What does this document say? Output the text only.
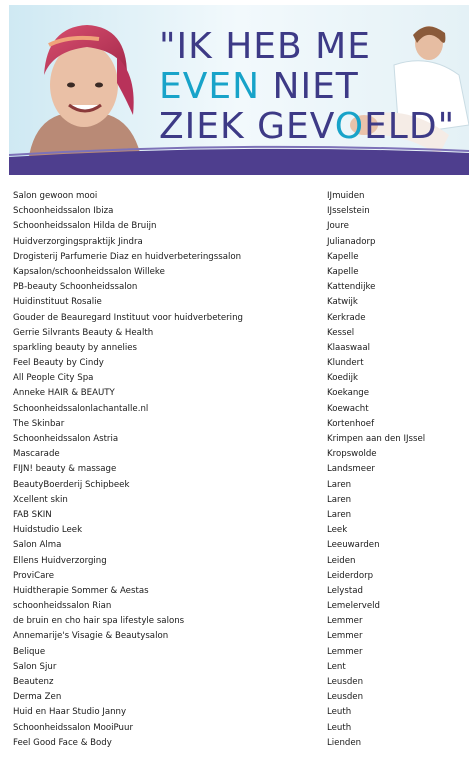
"IK HEB ME
EVEN NIET
ZIEK GEVOELD"
Salon gewoon mooi	IJmuiden
Schoonheidssalon Ibiza	IJsselstein
Schoonheidssalon Hilda de Bruijn	Joure
Huidverzorgingspraktijk Jindra	Julianadorp
Drogisterij Parfumerie Diaz en huidverbeteringssalon	Kapelle
Kapsalon/schoonheidssalon Willeke	Kapelle
PB-beauty Schoonheidssalon	Kattendijke
Huidinstituut Rosalie	Katwijk
Gouder de Beauregard Instituut voor huidverbetering	Kerkrade
Gerrie Silvrants Beauty & Health	Kessel
sparkling beauty by annelies	Klaaswaal
Feel Beauty by Cindy	Klundert
All People City Spa	Koedijk
Anneke HAIR & BEAUTY	Koekange
Schoonheidssalonlachantalle.nl	Koewacht
The Skinbar	Kortenhoef
Schoonheidssalon Astria	Krimpen aan den IJssel
Mascarade	Kropswolde
FIJN! beauty & massage	Landsmeer
BeautyBoerderij Schipbeek	Laren
Xcellent skin	Laren
FAB SKIN	Laren
Huidstudio Leek	Leek
Salon Alma	Leeuwarden
Ellens Huidverzorging	Leiden
ProviCare	Leiderdorp
Huidtherapie Sommer & Aestas	Lelystad
schoonheidssalon Rian	Lemelerveld
de bruin en cho hair spa lifestyle salons	Lemmer
Annemarije's Visagie & Beautysalon	Lemmer
Belique	Lemmer
Salon Sjur	Lent
Beautenz	Leusden
Derma Zen	Leusden
Huid en Haar Studio Janny	Leuth
Schoonheidssalon MooiPuur	Leuth
Feel Good Face & Body	Lienden
